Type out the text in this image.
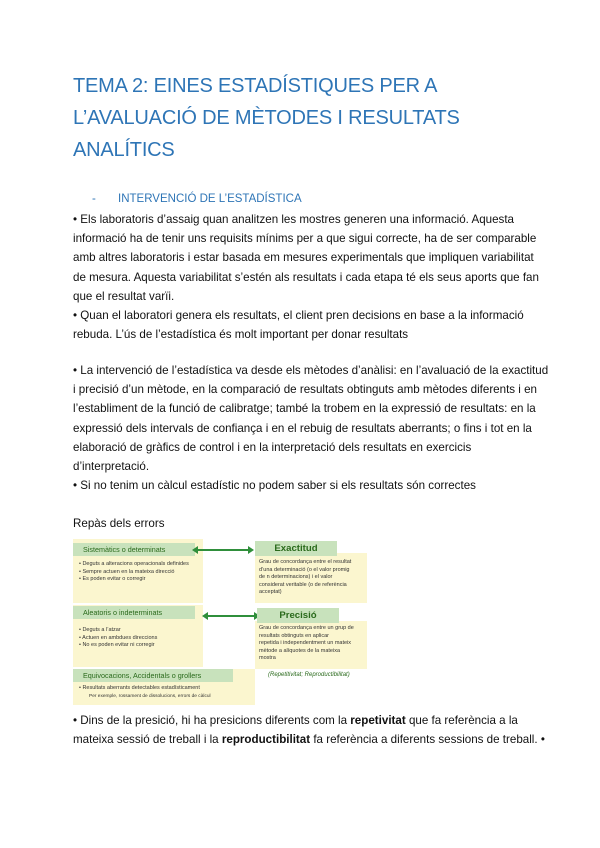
TEMA 2: EINES ESTADÍSTIQUES PER A
L’AVALUACIÓ DE MÈTODES I RESULTATS
ANALÍTICS
- INTERVENCIÓ DE L’ESTADÍSTICA
• Els laboratoris d’assaig quan analitzen les mostres generen una informació. Aquesta
informació ha de tenir uns requisits mínims per a que sigui correcte, ha de ser comparable
amb altres laboratoris i estar basada em mesures experimentals que impliquen variabilitat
de mesura. Aquesta variabilitat s’estén als resultats i cada etapa té els seus aports que fan
que el resultat varïi.
• Quan el laboratori genera els resultats, el client pren decisions en base a la informació
rebuda. L’ús de l’estadística és molt important per donar resultats
• La intervenció de l’estadística va desde els mètodes d’anàlisi: en l’avaluació de la exactitud
i precisió d’un mètode, en la comparació de resultats obtinguts amb mètodes diferents i en
l’establiment de la funció de calibratge; també la trobem en la expressió de resultats: en la
expressió dels intervals de confiança i en el rebuig de resultats aberrants; o fins i tot en la
elaboració de gràfics de control i en la interpretació dels resultats en exercicis
d’interpretació.
• Si no tenim un càlcul estadístic no podem saber si els resultats són correctes
Repàs dels errors
Sistemàtics o determinats
• Deguts a alteracions operacionals definides
• Sempre actuen en la mateixa direcció
• Es poden evitar o corregir
Exactitud
Grau de concordança entre el resultat
d’una determinació (o el valor promig
de n determinacions) i el valor
considerat veritable (o de referència
acceptat)
Aleatoris o indeterminats
• Deguts a l’atzar
• Actuen en ambdues direccions
• No es poden evitar ni corregir
Precisió
Grau de concordança entre un grup de
resultats obtinguts en aplicar
repetida i independentment un mateix
mètode a alíquotes de la mateixa
mostra
Equivocacions, Accidentals o grollers
• Resultats aberrants detectables estadísticament
Per exemple, rossament de dissolucions, errors de càlcul
(Repetitivitat; Reproductibilitat)
• Dins de la presició, hi ha presicions diferents com la repetivitat que fa referència a la
mateixa sessió de treball i la reproductibilitat fa referència a diferents sessions de treball. •
